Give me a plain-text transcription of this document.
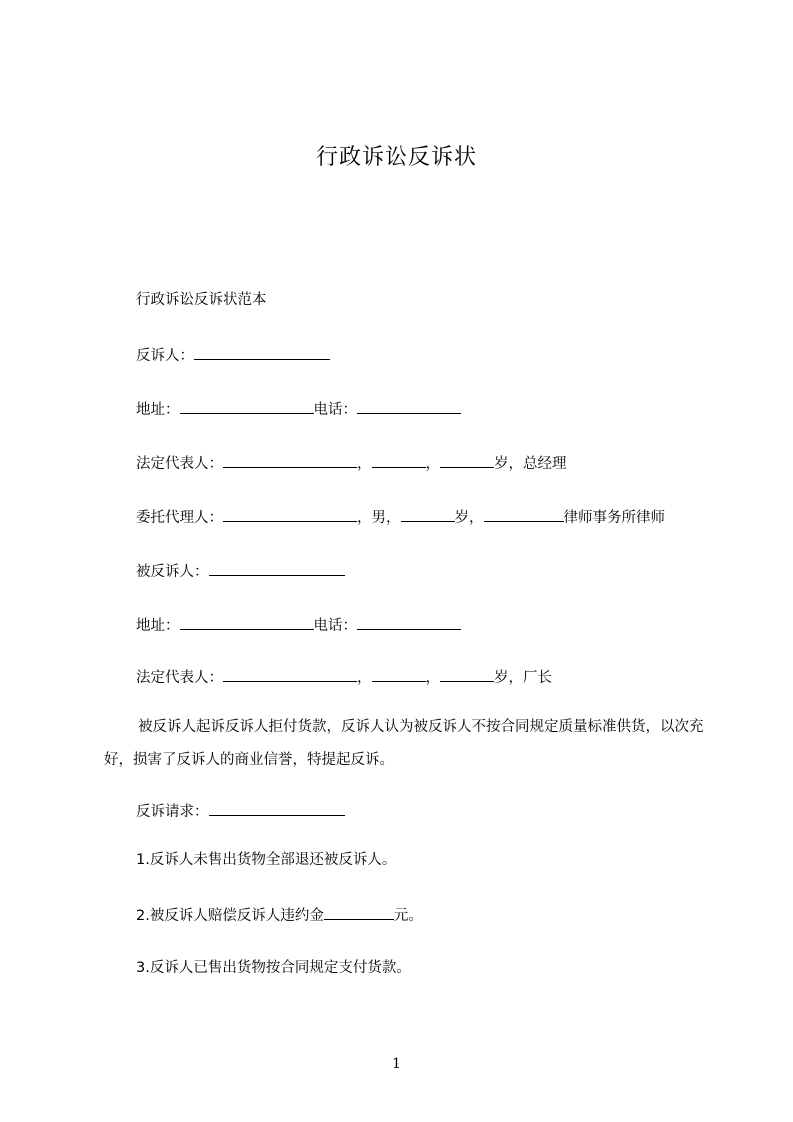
行政诉讼反诉状
行政诉讼反诉状范本
反诉人：
地址：	电话：
法定代表人：	，	，	岁，总经理
委托代理人：	，男，	岁，	律师事务所律师
被反诉人：
地址：	电话：
法定代表人：	，	，	岁，厂长
被反诉人起诉反诉人拒付货款，反诉人认为被反诉人不按合同规定质量标准供货，以次充好，损害了反诉人的商业信誉，特提起反诉。
反诉请求：
1.反诉人未售出货物全部退还被反诉人。
2.被反诉人赔偿反诉人违约金	元。
3.反诉人已售出货物按合同规定支付货款。
1
